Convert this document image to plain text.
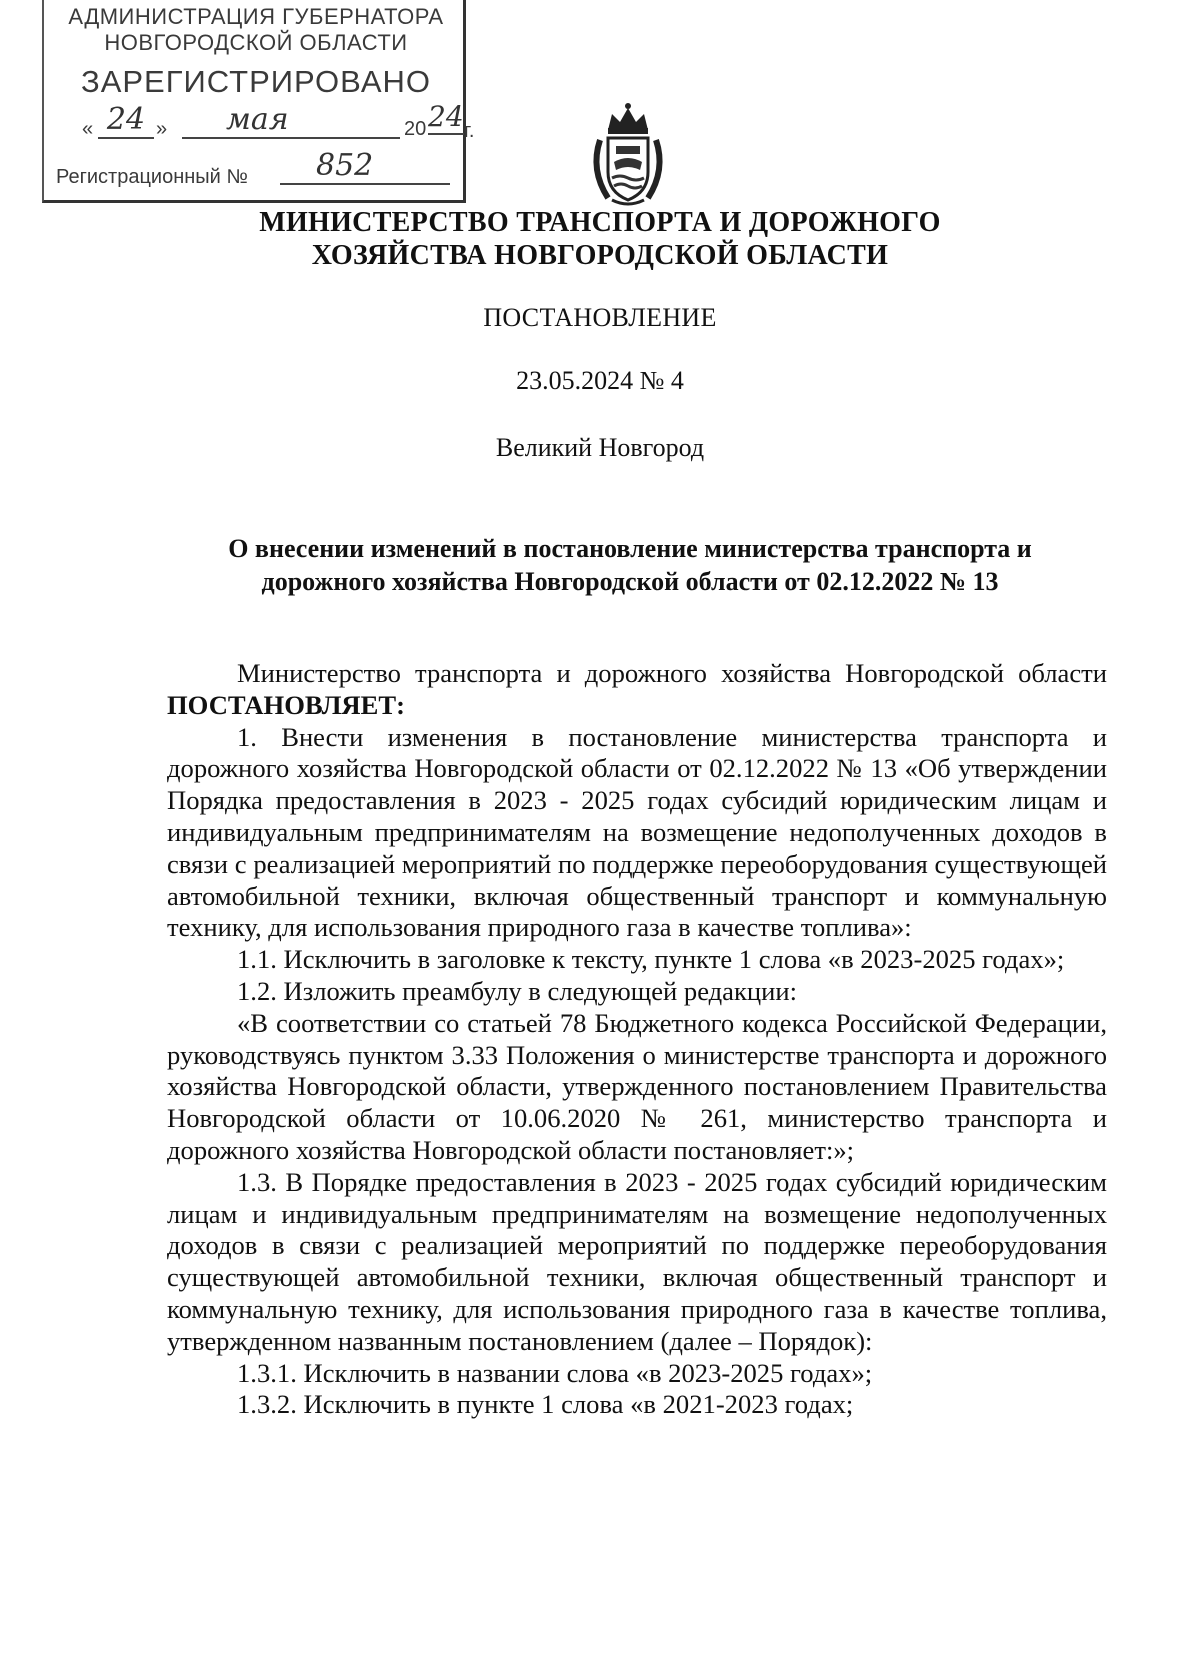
АДМИНИСТРАЦИЯ ГУБЕРНАТОРА
НОВГОРОДСКОЙ ОБЛАСТИ
ЗАРЕГИСТРИРОВАНО
« 24 »	мая	20 24 г.
Регистрационный №	852
МИНИСТЕРСТВО ТРАНСПОРТА И ДОРОЖНОГО
ХОЗЯЙСТВА НОВГОРОДСКОЙ ОБЛАСТИ
ПОСТАНОВЛЕНИЕ
23.05.2024 № 4
Великий Новгород
О внесении изменений в постановление министерства транспорта и дорожного хозяйства Новгородской области от 02.12.2022 № 13

Министерство транспорта и дорожного хозяйства Новгородской области ПОСТАНОВЛЯЕТ:

1. Внести изменения в постановление министерства транспорта и дорожного хозяйства Новгородской области от 02.12.2022 № 13 «Об утверждении Порядка предоставления в 2023 - 2025 годах субсидий юридическим лицам и индивидуальным предпринимателям на возмещение недополученных доходов в связи с реализацией мероприятий по поддержке переоборудования существующей автомобильной техники, включая общественный транспорт и коммунальную технику, для использования природного газа в качестве топлива»:

1.1. Исключить в заголовке к тексту, пункте 1 слова «в 2023-2025 годах»;

1.2. Изложить преамбулу в следующей редакции:

«В соответствии со статьей 78 Бюджетного кодекса Российской Федерации, руководствуясь пунктом 3.33 Положения о министерстве транспорта и дорожного хозяйства Новгородской области, утвержденного постановлением Правительства Новгородской области от 10.06.2020 № 261, министерство транспорта и дорожного хозяйства Новгородской области постановляет:»;

1.3. В Порядке предоставления в 2023 - 2025 годах субсидий юридическим лицам и индивидуальным предпринимателям на возмещение недополученных доходов в связи с реализацией мероприятий по поддержке переоборудования существующей автомобильной техники, включая общественный транспорт и коммунальную технику, для использования природного газа в качестве топлива, утвержденном названным постановлением (далее – Порядок):

1.3.1. Исключить в названии слова «в 2023-2025 годах»;

1.3.2. Исключить в пункте 1 слова «в 2021-2023 годах;
